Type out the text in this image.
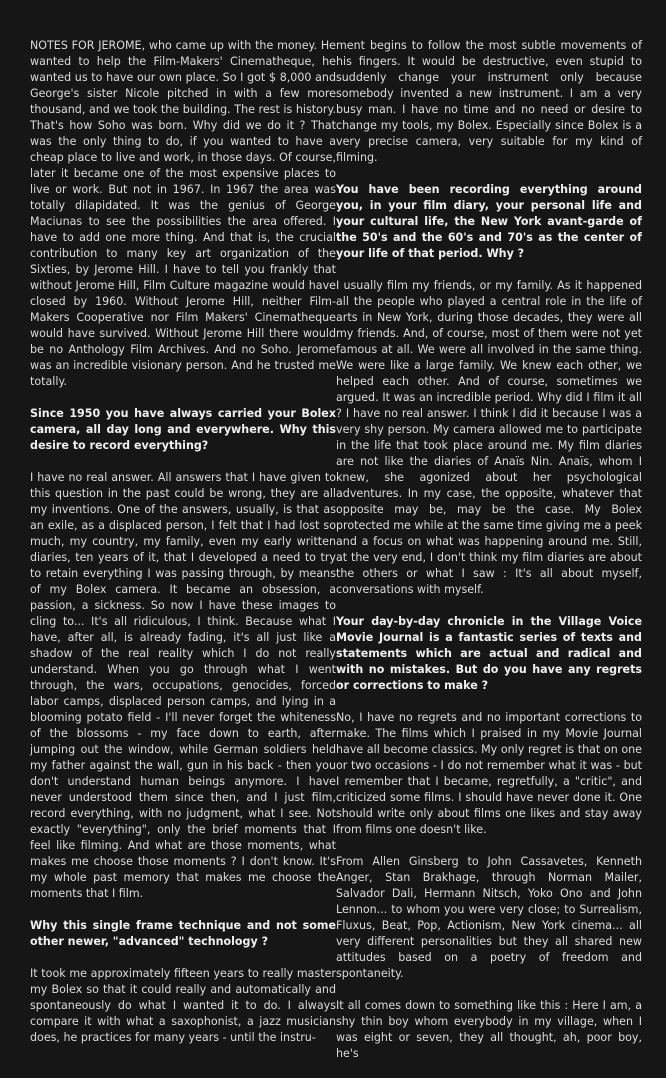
NOTES FOR JEROME, who came up with the money. He wanted to help the Film-Makers' Cinematheque, he wanted us to have our own place. So I got $ 8,000 and George's sister Nicole pitched in with a few more thousand, and we took the building. The rest is history. That's how Soho was born. Why did we do it ? That was the only thing to do, if you wanted to have a cheap place to live and work, in those days. Of course, later it became one of the most expensive places to live or work. But not in 1967. In 1967 the area was totally dilapidated. It was the genius of George Maciunas to see the possibilities the area offered. I have to add one more thing. And that is, the crucial contribution to many key art organization of the Sixties, by Jerome Hill. I have to tell you frankly that without Jerome Hill, Film Culture magazine would have closed by 1960. Without Jerome Hill, neither Film-Makers Cooperative nor Film Makers' Cinematheque would have survived. Without Jerome Hill there would be no Anthology Film Archives. And no Soho. Jerome was an incredible visionary person. And he trusted me totally.

Since 1950 you have always carried your Bolex camera, all day long and everywhere. Why this desire to record everything?

I have no real answer. All answers that I have given to this question in the past could be wrong, they are all my inventions. One of the answers, usually, is that as an exile, as a displaced person, I felt that I had lost so much, my country, my family, even my early written diaries, ten years of it, that I developed a need to try to retain everything I was passing through, by means of my Bolex camera. It became an obsession, a passion, a sickness. So now I have these images to cling to... It's all ridiculous, I think. Because what I have, after all, is already fading, it's all just like a shadow of the real reality which I do not really understand. When you go through what I went through, the wars, occupations, genocides, forced labor camps, displaced person camps, and lying in a blooming potato field - I'll never forget the whiteness of the blossoms - my face down to earth, after jumping out the window, while German soldiers held my father against the wall, gun in his back - then you don't understand human beings anymore. I have never understood them since then, and I just film, record everything, with no judgment, what I see. Not exactly "everything", only the brief moments that I feel like filming. And what are those moments, what makes me choose those moments ? I don't know. It's my whole past memory that makes me choose the moments that I film.

Why this single frame technique and not some other newer, "advanced" technology ?

It took me approximately fifteen years to really master my Bolex so that it could really and automatically and spontaneously do what I wanted it to do. I always compare it with what a saxophonist, a jazz musician does, he practices for many years - until the instru-

ment begins to follow the most subtle movements of his fingers. It would be destructive, even stupid to suddenly change your instrument only because somebody invented a new instrument. I am a very busy man. I have no time and no need or desire to change my tools, my Bolex. Especially since Bolex is a very precise camera, very suitable for my kind of filming.

You have been recording everything around you, in your film diary, your personal life and your cultural life, the New York avant-garde of the 50's and the 60's and 70's as the center of your life of that period. Why ?

I usually film my friends, or my family. As it happened all the people who played a central role in the life of arts in New York, during those decades, they were all my friends. And, of course, most of them were not yet famous at all. We were all involved in the same thing. We were like a large family. We knew each other, we helped each other. And of course, sometimes we argued. It was an incredible period. Why did I film it all ? I have no real answer. I think I did it because I was a very shy person. My camera allowed me to participate in the life that took place around me. My film diaries are not like the diaries of Anaïs Nin. Anaïs, whom I knew, she agonized about her psychological adventures. In my case, the opposite, whatever that opposite may be, may be the case. My Bolex protected me while at the same time giving me a peek and a focus on what was happening around me. Still, at the very end, I don't think my film diaries are about the others or what I saw : It's all about myself, conversations with myself.

Your day-by-day chronicle in the Village Voice Movie Journal is a fantastic series of texts and statements which are actual and radical and with no mistakes. But do you have any regrets or corrections to make ?

No, I have no regrets and no important corrections to make. The films which I praised in my Movie Journal have all become classics. My only regret is that on one or two occasions - I do not remember what it was - but I remember that I became, regretfully, a "critic", and criticized some films. I should have never done it. One should write only about films one likes and stay away from films one doesn't like.

From Allen Ginsberg to John Cassavetes, Kenneth Anger, Stan Brakhage, through Norman Mailer, Salvador Dali, Hermann Nitsch, Yoko Ono and John Lennon... to whom you were very close; to Surrealism, Fluxus, Beat, Pop, Actionism, New York cinema... all very different personalities but they all shared new attitudes based on a poetry of freedom and spontaneity.

It all comes down to something like this : Here I am, a shy thin boy whom everybody in my village, when I was eight or seven, they all thought, ah, poor boy, he's
